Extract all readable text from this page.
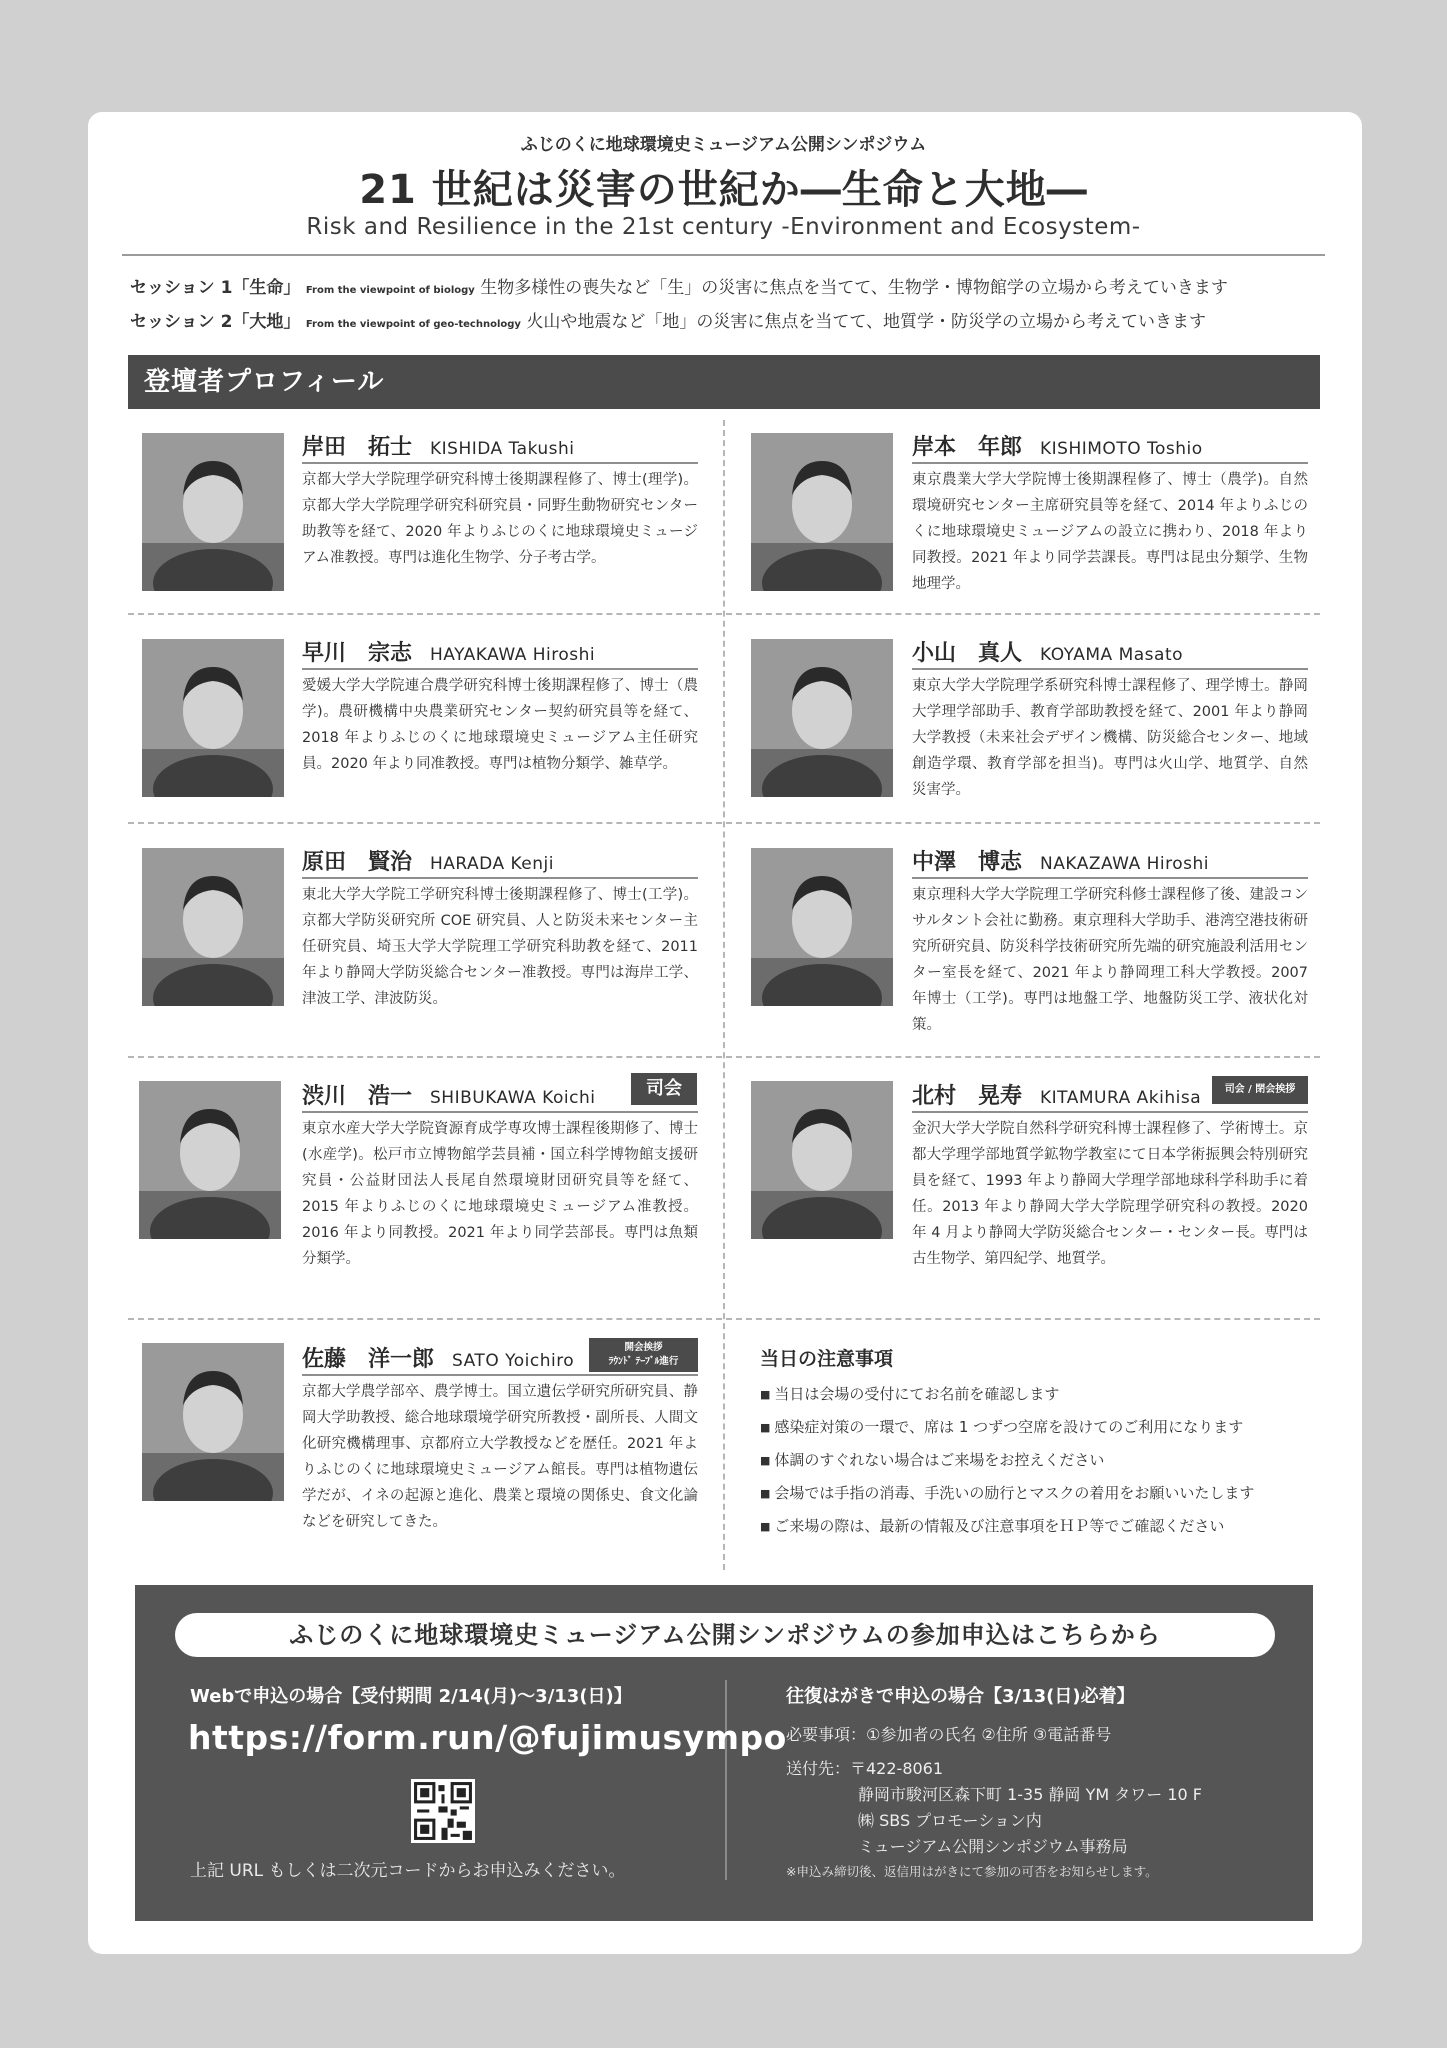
ふじのくに地球環境史ミュージアム公開シンポジウム
21 世紀は災害の世紀か―生命と大地―
Risk and Resilience in the 21st century -Environment and Ecosystem-
セッション 1「生命」 From the viewpoint of biology 生物多様性の喪失など「生」の災害に焦点を当てて、生物学・博物館学の立場から考えていきます
セッション 2「大地」 From the viewpoint of geo-technology 火山や地震など「地」の災害に焦点を当てて、地質学・防災学の立場から考えていきます
登壇者プロフィール
岸田　拓士 KISHIDA Takushi
京都大学大学院理学研究科博士後期課程修了、博士(理学)。京都大学大学院理学研究科研究員・同野生動物研究センター助教等を経て、2020 年よりふじのくに地球環境史ミュージアム准教授。専門は進化生物学、分子考古学。
岸本　年郎 KISHIMOTO Toshio
東京農業大学大学院博士後期課程修了、博士（農学)。自然環境研究センター主席研究員等を経て、2014 年よりふじのくに地球環境史ミュージアムの設立に携わり、2018 年より同教授。2021 年より同学芸課長。専門は昆虫分類学、生物地理学。
早川　宗志 HAYAKAWA Hiroshi
愛媛大学大学院連合農学研究科博士後期課程修了、博士（農学)。農研機構中央農業研究センター契約研究員等を経て、2018 年よりふじのくに地球環境史ミュージアム主任研究員。2020 年より同准教授。専門は植物分類学、雑草学。
小山　真人 KOYAMA Masato
東京大学大学院理学系研究科博士課程修了、理学博士。静岡大学理学部助手、教育学部助教授を経て、2001 年より静岡大学教授（未来社会デザイン機構、防災総合センター、地域創造学環、教育学部を担当)。専門は火山学、地質学、自然災害学。
原田　賢治 HARADA Kenji
東北大学大学院工学研究科博士後期課程修了、博士(工学)。京都大学防災研究所 COE 研究員、人と防災未来センター主任研究員、埼玉大学大学院理工学研究科助教を経て、2011 年より静岡大学防災総合センター准教授。専門は海岸工学、津波工学、津波防災。
中澤　博志 NAKAZAWA Hiroshi
東京理科大学大学院理工学研究科修士課程修了後、建設コンサルタント会社に勤務。東京理科大学助手、港湾空港技術研究所研究員、防災科学技術研究所先端的研究施設利活用センター室長を経て、2021 年より静岡理工科大学教授。2007 年博士（工学)。専門は地盤工学、地盤防災工学、液状化対策。
渋川　浩一 SHIBUKAWA Koichi	司会
東京水産大学大学院資源育成学専攻博士課程後期修了、博士(水産学)。松戸市立博物館学芸員補・国立科学博物館支援研究員・公益財団法人長尾自然環境財団研究員等を経て、2015 年よりふじのくに地球環境史ミュージアム准教授。2016 年より同教授。2021 年より同学芸部長。専門は魚類分類学。
北村　晃寿 KITAMURA Akihisa	司会 / 閉会挨拶
金沢大学大学院自然科学研究科博士課程修了、学術博士。京都大学理学部地質学鉱物学教室にて日本学術振興会特別研究員を経て、1993 年より静岡大学理学部地球科学科助手に着任。2013 年より静岡大学大学院理学研究科の教授。2020 年 4 月より静岡大学防災総合センター・センター長。専門は古生物学、第四紀学、地質学。
佐藤　洋一郎 SATO Yoichiro
開会挨拶
ﾗｳﾝﾄﾞ ﾃｰﾌﾞﾙ進行
京都大学農学部卒、農学博士。国立遺伝学研究所研究員、静岡大学助教授、総合地球環境学研究所教授・副所長、人間文化研究機構理事、京都府立大学教授などを歴任。2021 年よりふじのくに地球環境史ミュージアム館長。専門は植物遺伝学だが、イネの起源と進化、農業と環境の関係史、食文化論などを研究してきた。
当日の注意事項
■ 当日は会場の受付にてお名前を確認します
■ 感染症対策の一環で、席は 1 つずつ空席を設けてのご利用になります
■ 体調のすぐれない場合はご来場をお控えください
■ 会場では手指の消毒、手洗いの励行とマスクの着用をお願いいたします
■ ご来場の際は、最新の情報及び注意事項をＨＰ等でご確認ください
ふじのくに地球環境史ミュージアム公開シンポジウムの参加申込はこちらから
Webで申込の場合【受付期間 2/14(月)～3/13(日)】
https://form.run/@fujimusympo
上記 URL もしくは二次元コードからお申込みください。
往復はがきで申込の場合【3/13(日)必着】
必要事項：①参加者の氏名 ②住所 ③電話番号
送付先：〒422-8061
静岡市駿河区森下町 1-35 静岡 YM タワー 10 F
㈱ SBS プロモーション内
ミュージアム公開シンポジウム事務局
※申込み締切後、返信用はがきにて参加の可否をお知らせします。
